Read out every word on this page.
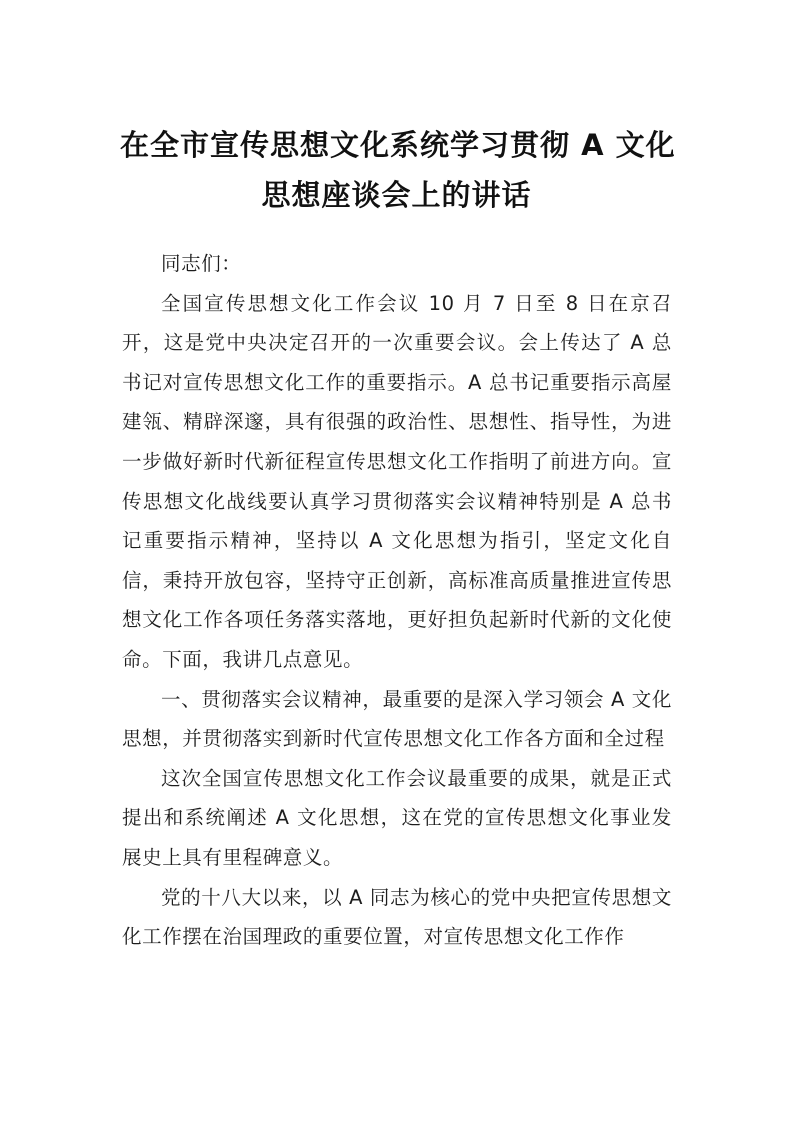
在全市宣传思想文化系统学习贯彻 A 文化
思想座谈会上的讲话

同志们：

全国宣传思想文化工作会议 10 月 7 日至 8 日在京召开，这是党中央决定召开的一次重要会议。会上传达了 A 总书记对宣传思想文化工作的重要指示。A 总书记重要指示高屋建瓴、精辟深邃，具有很强的政治性、思想性、指导性，为进一步做好新时代新征程宣传思想文化工作指明了前进方向。宣传思想文化战线要认真学习贯彻落实会议精神特别是 A 总书记重要指示精神，坚持以 A 文化思想为指引，坚定文化自信，秉持开放包容，坚持守正创新，高标准高质量推进宣传思想文化工作各项任务落实落地，更好担负起新时代新的文化使命。下面，我讲几点意见。

一、贯彻落实会议精神，最重要的是深入学习领会 A 文化思想，并贯彻落实到新时代宣传思想文化工作各方面和全过程

这次全国宣传思想文化工作会议最重要的成果，就是正式提出和系统阐述 A 文化思想，这在党的宣传思想文化事业发展史上具有里程碑意义。

党的十八大以来，以 A 同志为核心的党中央把宣传思想文化工作摆在治国理政的重要位置，对宣传思想文化工作作
